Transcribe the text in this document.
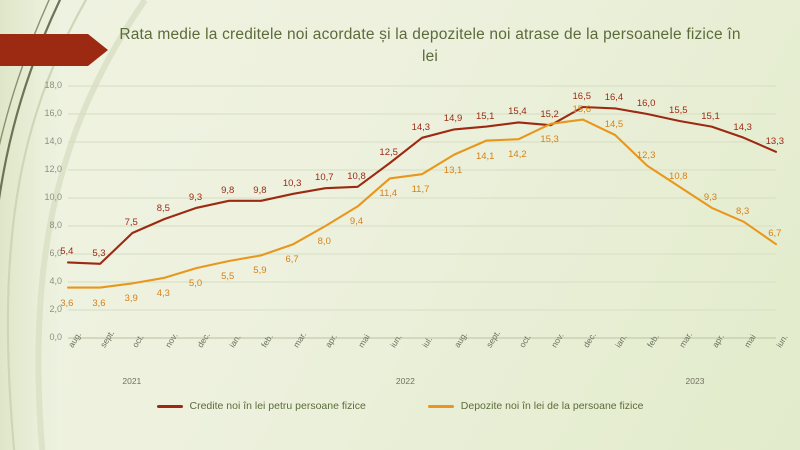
Rata medie la creditele noi acordate și la depozitele noi atrase de la persoanele fizice în lei
0,0
2,0
4,0
6,0
8,0
10,0
12,0
14,0
16,0
18,0
aug. sept. oct. nov. dec. ian. feb. mar. apr. mai iun. iul. aug. sept. oct. nov. dec. ian. feb. mar. apr. mai iun.
2021	2022	2023
5,4 5,3
7,5
8,5
9,3
9,8 9,8
10,3
10,7 10,8
12,5
14,3
14,9 15,1 15,4 15,2
16,5 16,4
16,0
15,5
15,1
14,3
13,3
3,6 3,6 3,9
4,3
5,0
5,5
5,9
6,7
8,0
9,4
11,4 11,7
13,1
14,1 14,2
15,3
15,6
14,5
12,3
10,8
9,3
8,3
6,7
Credite noi în lei petru persoane fizice	Depozite noi în lei de la persoane fizice
